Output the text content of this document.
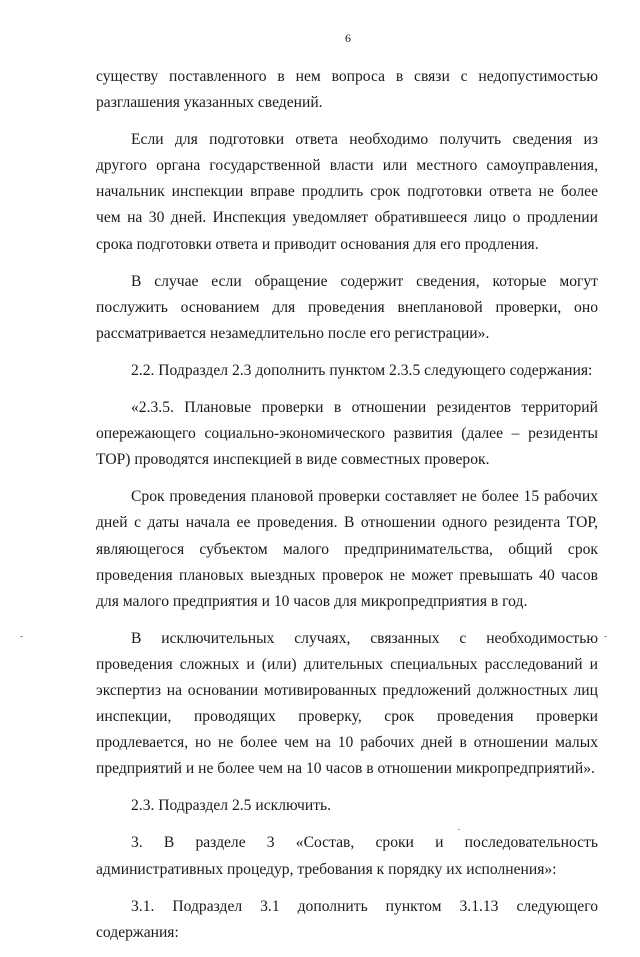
6

существу поставленного в нем вопроса в связи с недопустимостью разглашения указанных сведений.

Если для подготовки ответа необходимо получить сведения из другого органа государственной власти или местного самоуправления, начальник инспекции вправе продлить срок подготовки ответа не более чем на 30 дней. Инспекция уведомляет обратившееся лицо о продлении срока подготовки ответа и приводит основания для его продления.

В случае если обращение содержит сведения, которые могут послужить основанием для проведения внеплановой проверки, оно рассматривается незамедлительно после его регистрации».

2.2. Подраздел 2.3 дополнить пунктом 2.3.5 следующего содержания:

«2.3.5. Плановые проверки в отношении резидентов территорий опережающего социально-экономического развития (далее – резиденты ТОР) проводятся инспекцией в виде совместных проверок.

Срок проведения плановой проверки составляет не более 15 рабочих дней с даты начала ее проведения. В отношении одного резидента ТОР, являющегося субъектом малого предпринимательства, общий срок проведения плановых выездных проверок не может превышать 40 часов для малого предприятия и 10 часов для микропредприятия в год.

В исключительных случаях, связанных с необходимостью проведения сложных и (или) длительных специальных расследований и экспертиз на основании мотивированных предложений должностных лиц инспекции, проводящих проверку, срок проведения проверки продлевается, но не более чем на 10 рабочих дней в отношении малых предприятий и не более чем на 10 часов в отношении микропредприятий».

2.3. Подраздел 2.5 исключить.

3. В разделе 3 «Состав, сроки и последовательность административных процедур, требования к порядку их исполнения»:

3.1. Подраздел 3.1 дополнить пунктом 3.1.13 следующего содержания:
